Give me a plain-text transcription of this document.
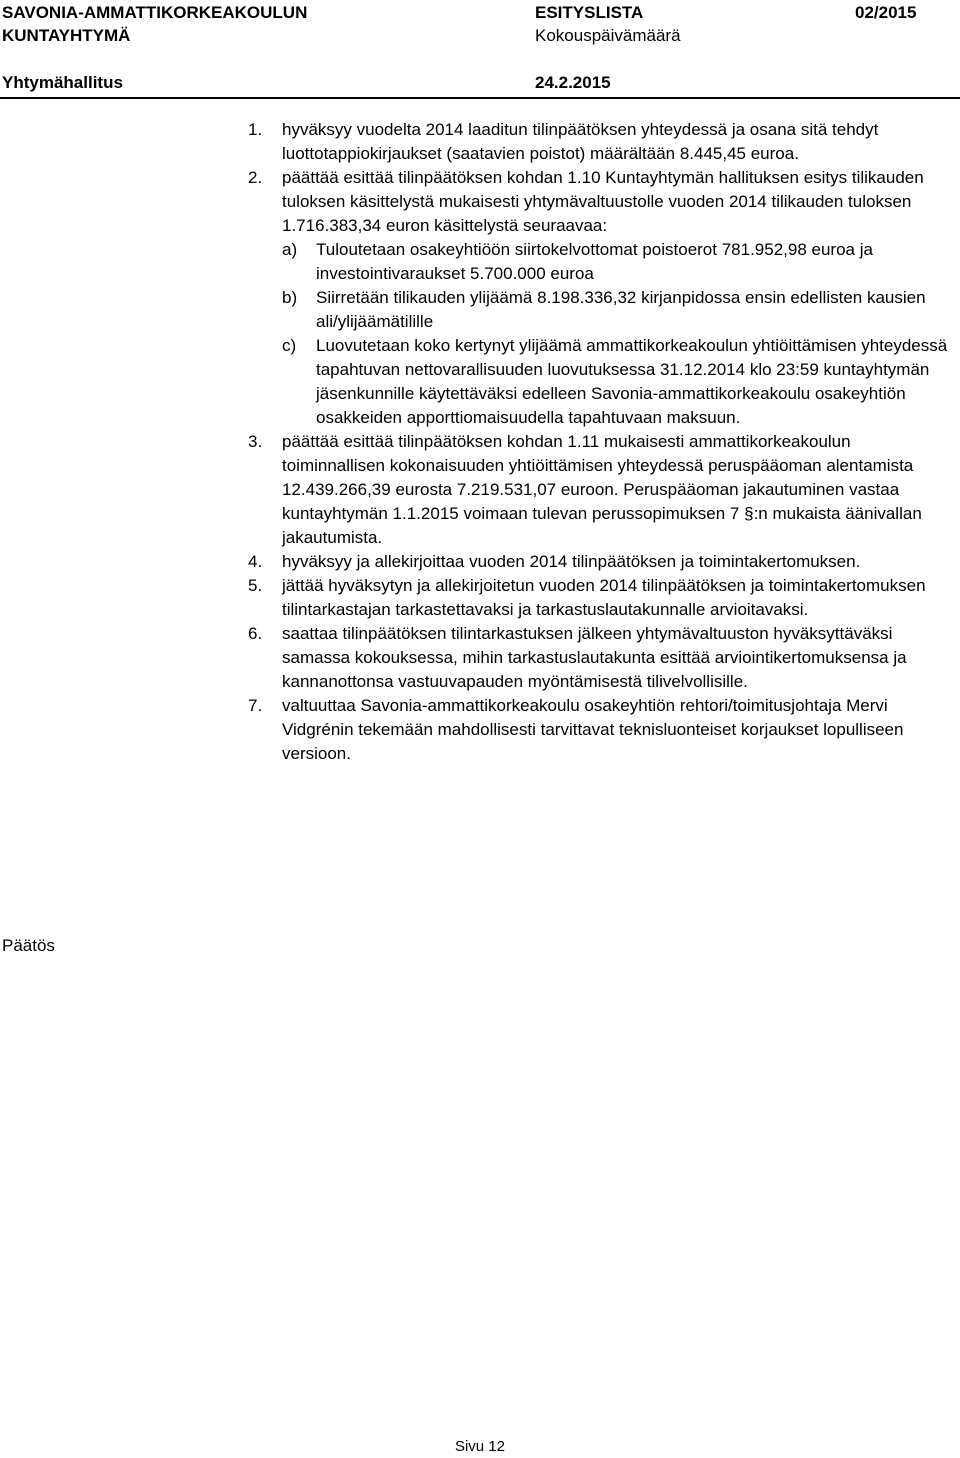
SAVONIA-AMMATTIKORKEAKOULUN
KUNTAYHTYMÄ
ESITYSLISTA
Kokouspäivämäärä
02/2015
Yhtymähallitus	24.2.2015
1.	hyväksyy vuodelta 2014 laaditun tilinpäätöksen yhteydessä ja osana sitä tehdyt luottotappiokirjaukset (saatavien poistot) määrältään 8.445,45 euroa.
2.	päättää esittää tilinpäätöksen kohdan 1.10 Kuntayhtymän hallituksen esitys tilikauden tuloksen käsittelystä mukaisesti yhtymävaltuustolle vuoden 2014 tilikauden tuloksen 1.716.383,34 euron käsittelystä seuraavaa:
a)	Tuloutetaan osakeyhtiöön siirtokelvottomat poistoerot 781.952,98 euroa ja investointivaraukset 5.700.000 euroa
b)	Siirretään tilikauden ylijäämä 8.198.336,32 kirjanpidossa ensin edellisten kausien ali/ylijäämätilille
c)	Luovutetaan koko kertynyt ylijäämä ammattikorkeakoulun yhtiöittämisen yhteydessä tapahtuvan nettovarallisuuden luovutuksessa 31.12.2014 klo 23:59 kuntayhtymän jäsenkunnille käytettäväksi edelleen Savonia-ammattikorkeakoulu osakeyhtiön osakkeiden apporttiomaisuudella tapahtuvaan maksuun.
3.	päättää esittää tilinpäätöksen kohdan 1.11 mukaisesti ammattikorkeakoulun toiminnallisen kokonaisuuden yhtiöittämisen yhteydessä peruspääoman alentamista 12.439.266,39 eurosta 7.219.531,07 euroon. Peruspääoman jakautuminen vastaa kuntayhtymän 1.1.2015 voimaan tulevan perussopimuksen 7 §:n mukaista äänivallan jakautumista.
4.	hyväksyy ja allekirjoittaa vuoden 2014 tilinpäätöksen ja toimintakertomuksen.
5.	jättää hyväksytyn ja allekirjoitetun vuoden 2014 tilinpäätöksen ja toimintakertomuksen tilintarkastajan tarkastettavaksi ja tarkastuslautakunnalle arvioitavaksi.
6.	saattaa tilinpäätöksen tilintarkastuksen jälkeen yhtymävaltuuston hyväksyttäväksi samassa kokouksessa, mihin tarkastuslautakunta esittää arviointikertomuksensa ja kannanottonsa vastuuvapauden myöntämisestä tilivelvollisille.
7.	valtuuttaa Savonia-ammattikorkeakoulu osakeyhtiön rehtori/toimitusjohtaja Mervi Vidgrénin tekemään mahdollisesti tarvittavat teknisluonteiset korjaukset lopulliseen versioon.
Päätös
Sivu 12
